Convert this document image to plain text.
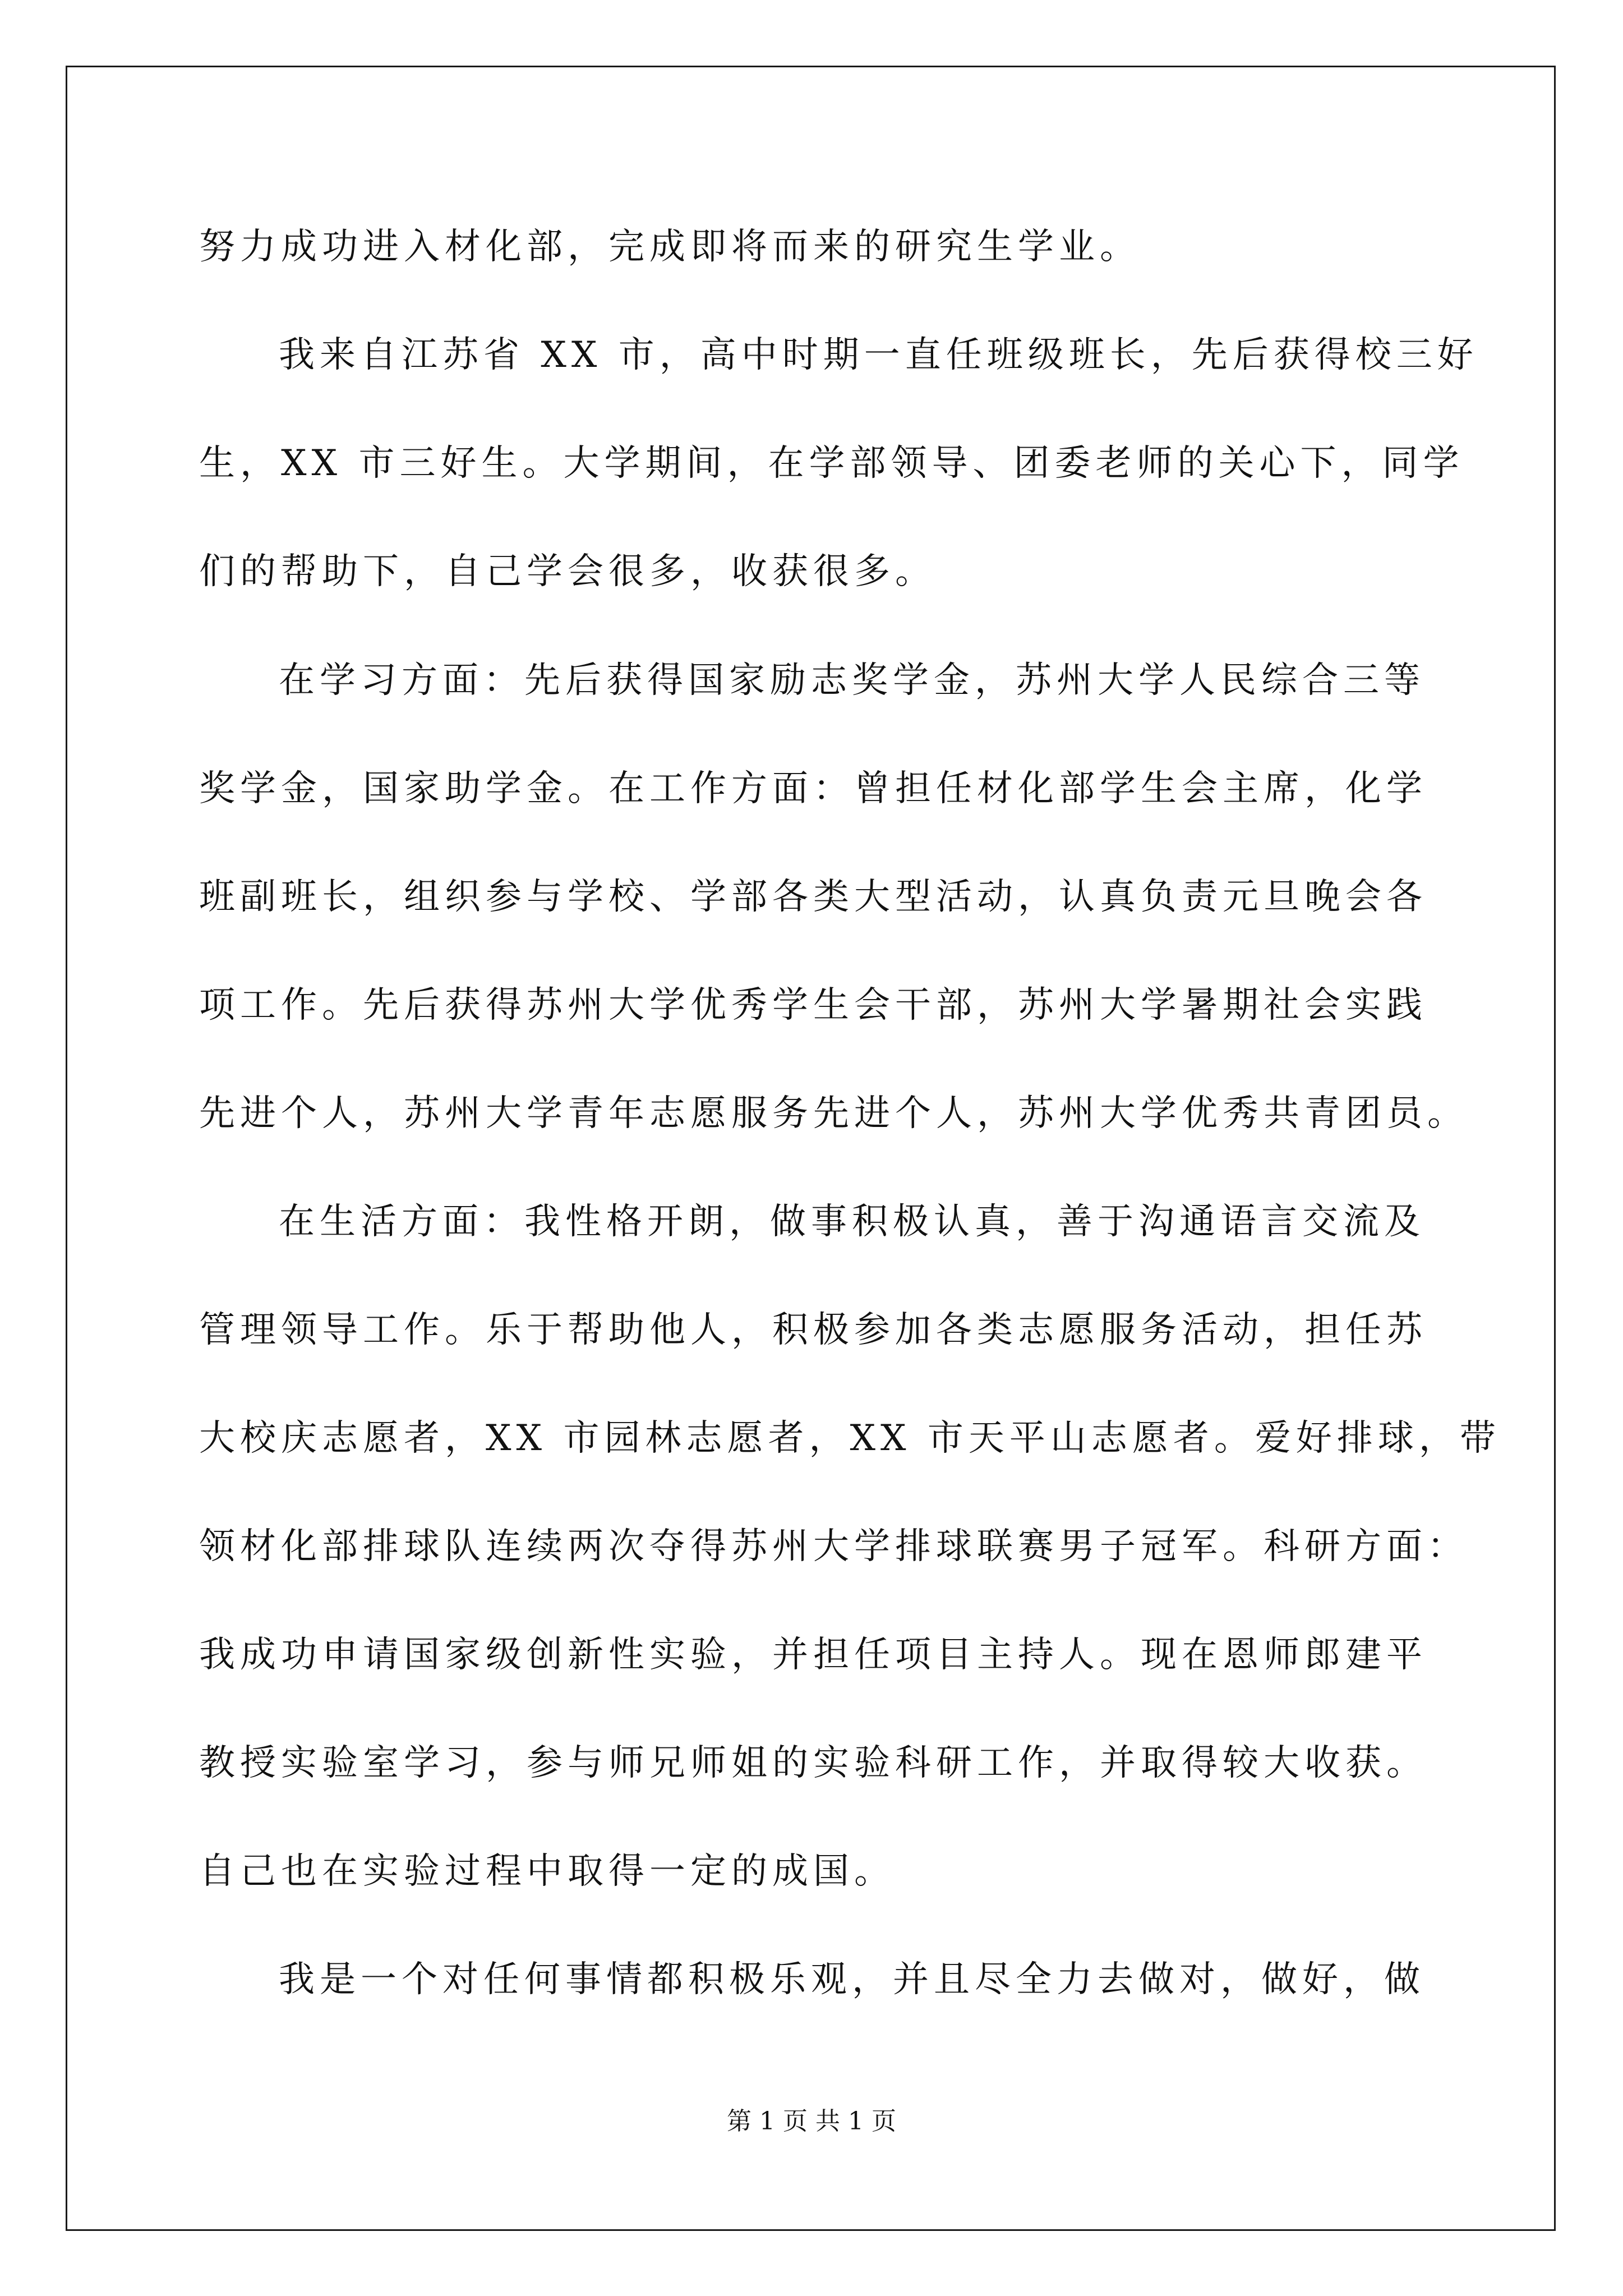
努力成功进入材化部，完成即将而来的研究生学业。
我来自江苏省 XX 市，高中时期一直任班级班长，先后获得校三好
生，XX 市三好生。大学期间，在学部领导、团委老师的关心下，同学
们的帮助下，自己学会很多，收获很多。
在学习方面：先后获得国家励志奖学金，苏州大学人民综合三等
奖学金，国家助学金。在工作方面：曾担任材化部学生会主席，化学
班副班长，组织参与学校、学部各类大型活动，认真负责元旦晚会各
项工作。先后获得苏州大学优秀学生会干部，苏州大学暑期社会实践
先进个人，苏州大学青年志愿服务先进个人，苏州大学优秀共青团员。
在生活方面：我性格开朗，做事积极认真，善于沟通语言交流及
管理领导工作。乐于帮助他人，积极参加各类志愿服务活动，担任苏
大校庆志愿者，XX 市园林志愿者，XX 市天平山志愿者。爱好排球，带
领材化部排球队连续两次夺得苏州大学排球联赛男子冠军。科研方面：
我成功申请国家级创新性实验，并担任项目主持人。现在恩师郎建平
教授实验室学习，参与师兄师姐的实验科研工作，并取得较大收获。
自己也在实验过程中取得一定的成国。
我是一个对任何事情都积极乐观，并且尽全力去做对，做好，做
第 1 页 共 1 页
